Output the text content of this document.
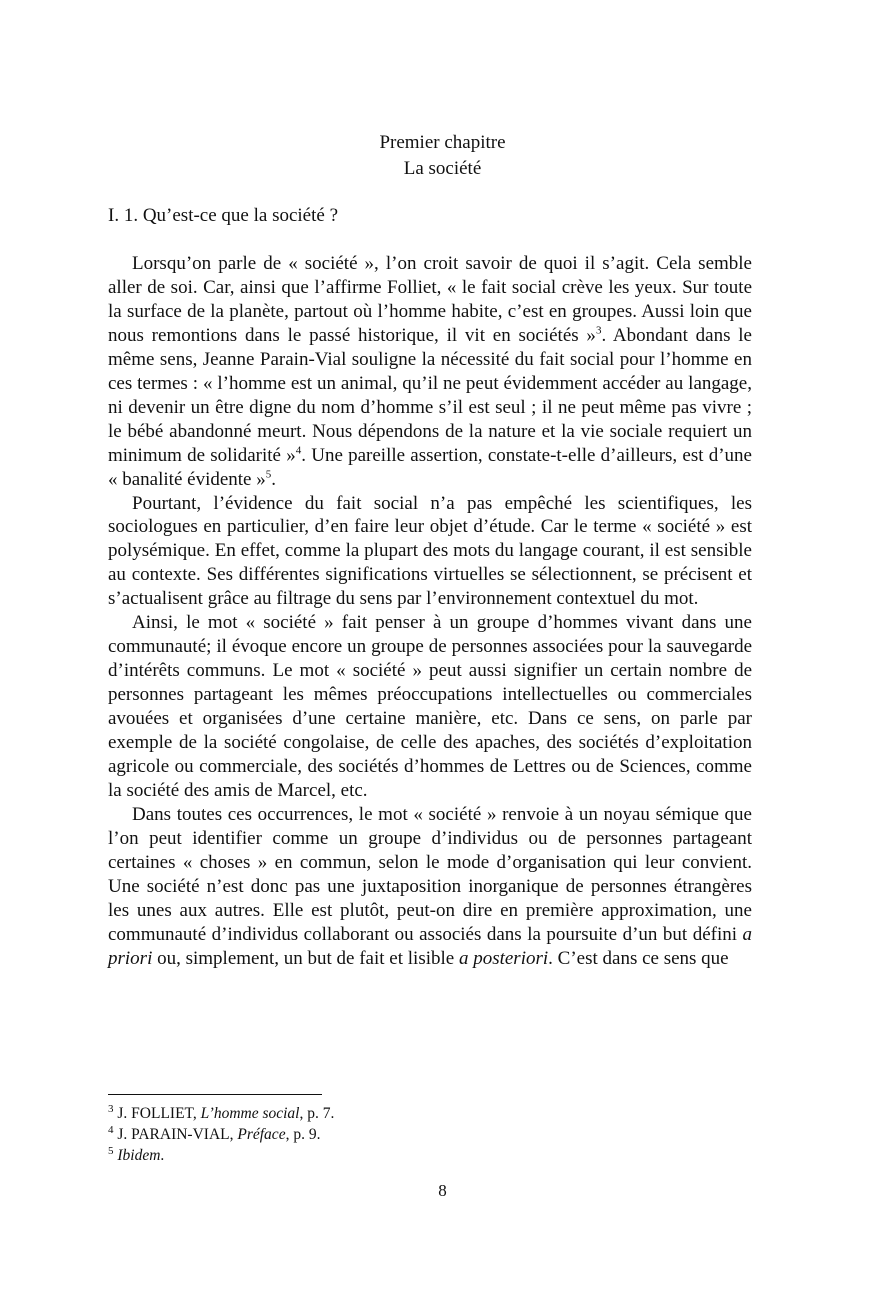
Premier chapitre
La société
I. 1. Qu’est-ce que la société ?

Lorsqu’on parle de « société », l’on croit savoir de quoi il s’agit. Cela semble aller de soi. Car, ainsi que l’affirme Folliet, « le fait social crève les yeux. Sur toute la surface de la planète, partout où l’homme habite, c’est en groupes. Aussi loin que nous remontions dans le passé historique, il vit en sociétés »$^3$. Abondant dans le même sens, Jeanne Parain-Vial souligne la nécessité du fait social pour l’homme en ces termes : « l’homme est un animal, qu’il ne peut évidemment accéder au langage, ni devenir un être digne du nom d’homme s’il est seul ; il ne peut même pas vivre ; le bébé abandonné meurt. Nous dépendons de la nature et la vie sociale requiert un minimum de solidarité »$^4$. Une pareille assertion, constate-t-elle d’ailleurs, est d’une « banalité évidente »$^5$.

Pourtant, l’évidence du fait social n’a pas empêché les scientifiques, les sociologues en particulier, d’en faire leur objet d’étude. Car le terme « société » est polysémique. En effet, comme la plupart des mots du langage courant, il est sensible au contexte. Ses différentes significations virtuelles se sélectionnent, se précisent et s’actualisent grâce au filtrage du sens par l’environnement contextuel du mot.

Ainsi, le mot « société » fait penser à un groupe d’hommes vivant dans une communauté; il évoque encore un groupe de personnes associées pour la sauvegarde d’intérêts communs. Le mot « société » peut aussi signifier un certain nombre de personnes partageant les mêmes préoccupations intellectuelles ou commerciales avouées et organisées d’une certaine manière, etc. Dans ce sens, on parle par exemple de la société congolaise, de celle des apaches, des sociétés d’exploitation agricole ou commerciale, des sociétés d’hommes de Lettres ou de Sciences, comme la société des amis de Marcel, etc.

Dans toutes ces occurrences, le mot « société » renvoie à un noyau sémique que l’on peut identifier comme un groupe d’individus ou de personnes partageant certaines « choses » en commun, selon le mode d’organisation qui leur convient. Une société n’est donc pas une juxtaposition inorganique de personnes étrangères les unes aux autres. Elle est plutôt, peut-on dire en première approximation, une communauté d’individus collaborant ou associés dans la poursuite d’un but défini a priori ou, simplement, un but de fait et lisible a posteriori. C’est dans ce sens que

$^3$ J. FOLLIET, L’homme social, p. 7.
$^4$ J. PARAIN-VIAL, Préface, p. 9.
$^5$ Ibidem.
8
